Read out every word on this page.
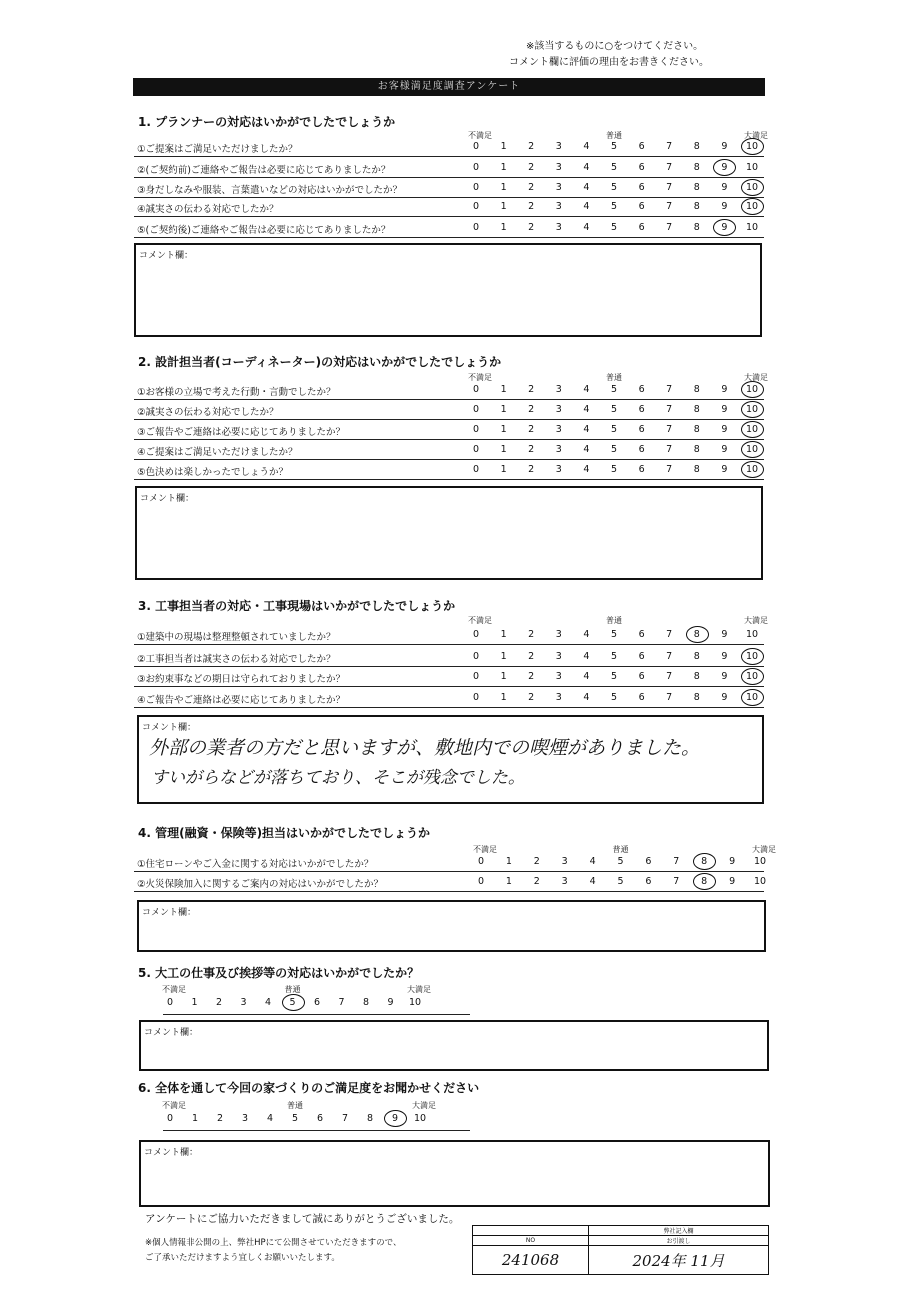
※該当するものに○をつけてください。
コメント欄に評価の理由をお書きください。
お客様満足度調査アンケート
1. プランナーの対応はいかがでしたでしょうか
不満足	普通	大満足
①ご提案はご満足いただけましたか？	0	1	2	3	4	5	6	7	8	9	10
②(ご契約前)ご連絡やご報告は必要に応じてありましたか？	0	1	2	3	4	5	6	7	8	9	10
③身だしなみや服装、言葉遣いなどの対応はいかがでしたか？	0	1	2	3	4	5	6	7	8	9	10
④誠実さの伝わる対応でしたか？	0	1	2	3	4	5	6	7	8	9	10
⑤(ご契約後)ご連絡やご報告は必要に応じてありましたか？	0	1	2	3	4	5	6	7	8	9	10
コメント欄：
2. 設計担当者(コーディネーター)の対応はいかがでしたでしょうか
不満足	普通	大満足
①お客様の立場で考えた行動・言動でしたか？	0	1	2	3	4	5	6	7	8	9	10
②誠実さの伝わる対応でしたか？	0	1	2	3	4	5	6	7	8	9	10
③ご報告やご連絡は必要に応じてありましたか？	0	1	2	3	4	5	6	7	8	9	10
④ご提案はご満足いただけましたか？	0	1	2	3	4	5	6	7	8	9	10
⑤色決めは楽しかったでしょうか？	0	1	2	3	4	5	6	7	8	9	10
コメント欄：
3. 工事担当者の対応・工事現場はいかがでしたでしょうか
不満足	普通	大満足
①建築中の現場は整理整頓されていましたか？	0	1	2	3	4	5	6	7	8	9	10
②工事担当者は誠実さの伝わる対応でしたか？	0	1	2	3	4	5	6	7	8	9	10
③お約束事などの期日は守られておりましたか？	0	1	2	3	4	5	6	7	8	9	10
④ご報告やご連絡は必要に応じてありましたか？	0	1	2	3	4	5	6	7	8	9	10
コメント欄：
外部の業者の方だと思いますが、敷地内での喫煙がありました。
すいがらなどが落ちており、そこが残念でした。
4. 管理(融資・保険等)担当はいかがでしたでしょうか
不満足	普通	大満足
①住宅ローンやご入金に関する対応はいかがでしたか？	0	1	2	3	4	5	6	7	8	9	10
②火災保険加入に関するご案内の対応はいかがでしたか？	0	1	2	3	4	5	6	7	8	9	10
コメント欄：
5. 大工の仕事及び挨拶等の対応はいかがでしたか？
不満足	普通	大満足
0	1	2	3	4	5	6	7	8	9	10
コメント欄：
6. 全体を通して今回の家づくりのご満足度をお聞かせください
不満足	普通	大満足
0	1	2	3	4	5	6	7	8	9	10
コメント欄：
アンケートにご協力いただきまして誠にありがとうございました。
※個人情報非公開の上、弊社HPにて公開させていただきますので、
ご了承いただけますよう宜しくお願いいたします。
	弊社記入欄
NO	お引渡し
241068	2024年 11月
